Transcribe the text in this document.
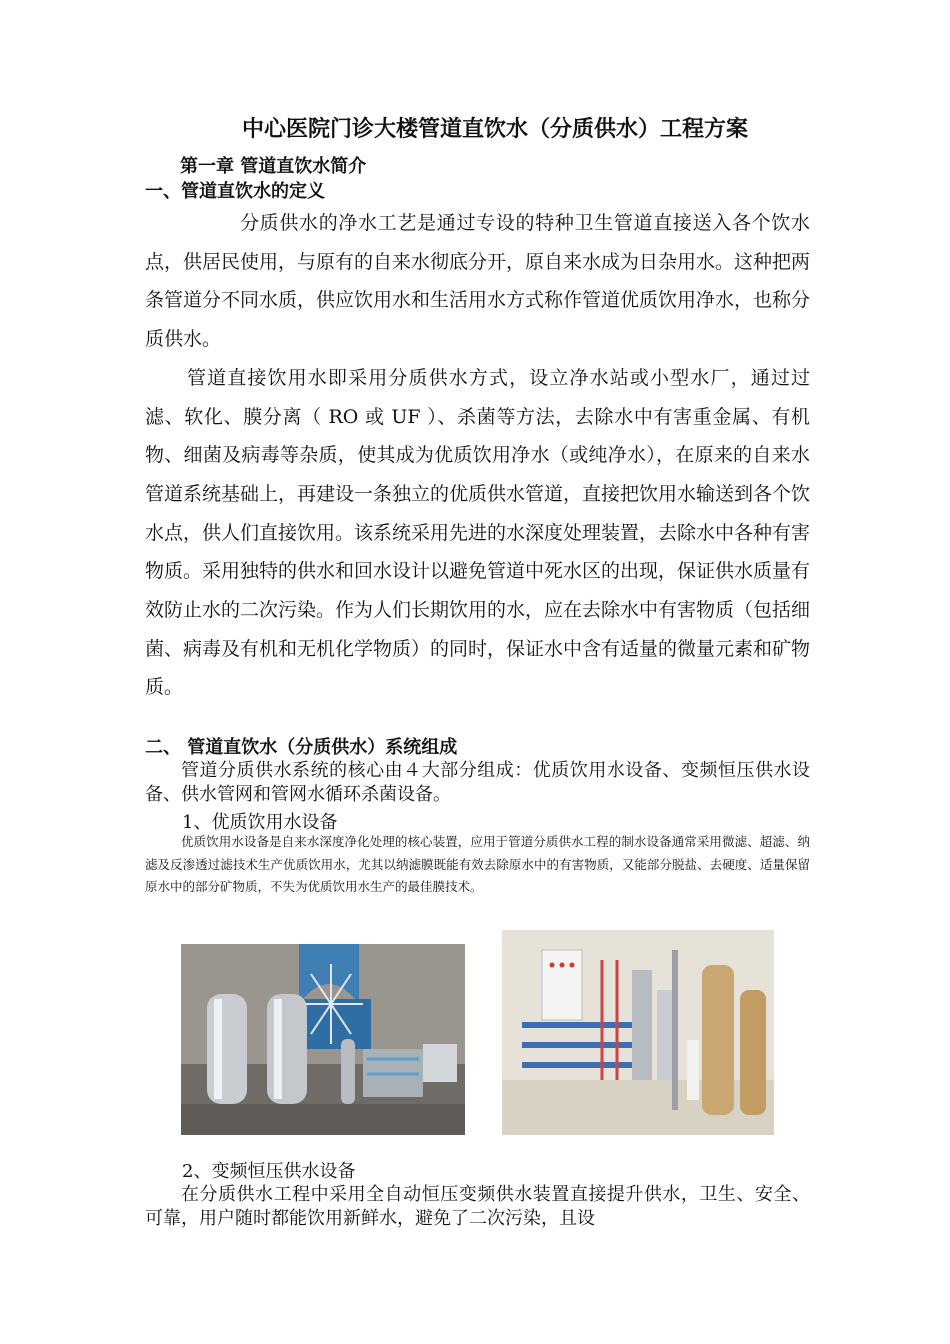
中心医院门诊大楼管道直饮水（分质供水）工程方案
第一章 管道直饮水简介
一、管道直饮水的定义

分质供水的净水工艺是通过专设的特种卫生管道直接送入各个饮水点，供居民使用，与原有的自来水彻底分开，原自来水成为日杂用水。这种把两条管道分不同水质，供应饮用水和生活用水方式称作管道优质饮用净水，也称分质供水。

管道直接饮用水即采用分质供水方式，设立净水站或小型水厂，通过过滤、软化、膜分离（ RO 或 UF ）、杀菌等方法，去除水中有害重金属、有机物、细菌及病毒等杂质，使其成为优质饮用净水（或纯净水），在原来的自来水管道系统基础上，再建设一条独立的优质供水管道，直接把饮用水输送到各个饮水点，供人们直接饮用。该系统采用先进的水深度处理装置，去除水中各种有害物质。采用独特的供水和回水设计以避免管道中死水区的出现，保证供水质量有效防止水的二次污染。作为人们长期饮用的水，应在去除水中有害物质（包括细菌、病毒及有机和无机化学物质）的同时，保证水中含有适量的微量元素和矿物质。

二、 管道直饮水（分质供水）系统组成

管道分质供水系统的核心由４大部分组成：优质饮用水设备、变频恒压供水设备、供水管网和管网水循环杀菌设备。

1、优质饮用水设备

优质饮用水设备是自来水深度净化处理的核心装置，应用于管道分质供水工程的制水设备通常采用微滤、超滤、纳滤及反渗透过滤技术生产优质饮用水，尤其以纳滤膜既能有效去除原水中的有害物质，又能部分脱盐、去硬度、适量保留原水中的部分矿物质，不失为优质饮用水生产的最佳膜技术。

2、变频恒压供水设备

在分质供水工程中采用全自动恒压变频供水装置直接提升供水，卫生、安全、可靠，用户随时都能饮用新鲜水，避免了二次污染，且设
